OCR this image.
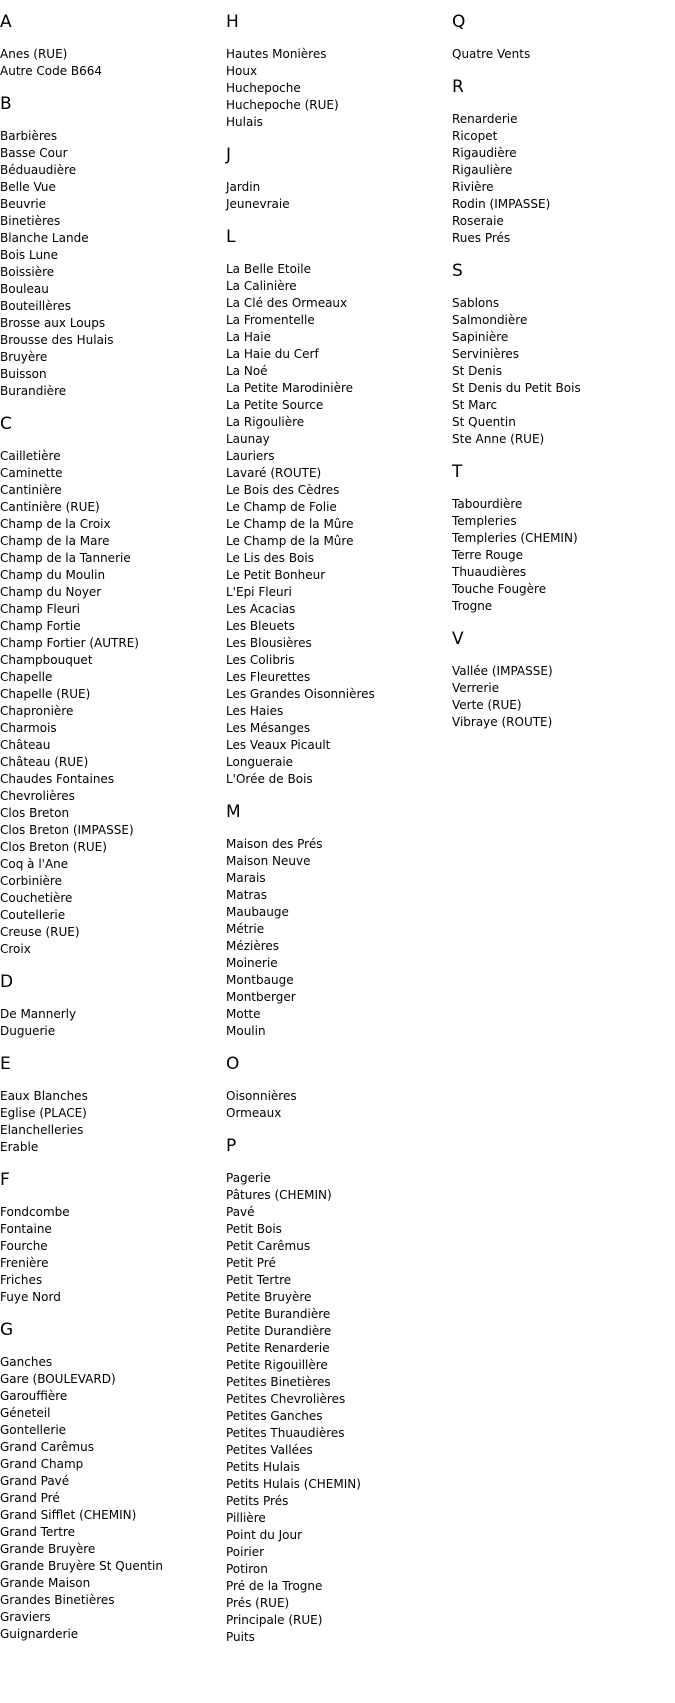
A
Anes (RUE)
Autre Code B664
B
Barbières
Basse Cour
Béduaudière
Belle Vue
Beuvrie
Binetières
Blanche Lande
Bois Lune
Boissière
Bouleau
Bouteillères
Brosse aux Loups
Brousse des Hulais
Bruyère
Buisson
Burandière
C
Cailletière
Caminette
Cantinière
Cantinière (RUE)
Champ de la Croix
Champ de la Mare
Champ de la Tannerie
Champ du Moulin
Champ du Noyer
Champ Fleuri
Champ Fortie
Champ Fortier (AUTRE)
Champbouquet
Chapelle
Chapelle (RUE)
Chapronière
Charmois
Château
Château (RUE)
Chaudes Fontaines
Chevrolières
Clos Breton
Clos Breton (IMPASSE)
Clos Breton (RUE)
Coq à l'Ane
Corbinière
Couchetière
Coutellerie
Creuse (RUE)
Croix
D
De Mannerly
Duguerie
E
Eaux Blanches
Eglise (PLACE)
Elanchelleries
Erable
F
Fondcombe
Fontaine
Fourche
Frenière
Friches
Fuye Nord
G
Ganches
Gare (BOULEVARD)
Garouffière
Géneteil
Gontellerie
Grand Carêmus
Grand Champ
Grand Pavé
Grand Pré
Grand Sifflet (CHEMIN)
Grand Tertre
Grande Bruyère
Grande Bruyère St Quentin
Grande Maison
Grandes Binetières
Graviers
Guignarderie
H
Hautes Monières
Houx
Huchepoche
Huchepoche (RUE)
Hulais
J
Jardin
Jeunevraie
L
La Belle Etoile
La Calinière
La Clé des Ormeaux
La Fromentelle
La Haie
La Haie du Cerf
La Noé
La Petite Marodinière
La Petite Source
La Rigoulière
Launay
Lauriers
Lavaré (ROUTE)
Le Bois des Cèdres
Le Champ de Folie
Le Champ de la Mûre
Le Champ de la Mûre
Le Lis des Bois
Le Petit Bonheur
L'Epi Fleuri
Les Acacias
Les Bleuets
Les Blousières
Les Colibris
Les Fleurettes
Les Grandes Oisonnières
Les Haies
Les Mésanges
Les Veaux Picault
Longueraie
L'Orée de Bois
M
Maison des Prés
Maison Neuve
Marais
Matras
Maubauge
Métrie
Mézières
Moinerie
Montbauge
Montberger
Motte
Moulin
O
Oisonnières
Ormeaux
P
Pagerie
Pâtures (CHEMIN)
Pavé
Petit Bois
Petit Carêmus
Petit Pré
Petit Tertre
Petite Bruyère
Petite Burandière
Petite Durandière
Petite Renarderie
Petite Rigouillère
Petites Binetières
Petites Chevrolières
Petites Ganches
Petites Thuaudières
Petites Vallées
Petits Hulais
Petits Hulais (CHEMIN)
Petits Prés
Pillière
Point du Jour
Poirier
Potiron
Pré de la Trogne
Prés (RUE)
Principale (RUE)
Puits
Q
Quatre Vents
R
Renarderie
Ricopet
Rigaudière
Rigaulière
Rivière
Rodin (IMPASSE)
Roseraie
Rues Prés
S
Sablons
Salmondière
Sapinière
Servinières
St Denis
St Denis du Petit Bois
St Marc
St Quentin
Ste Anne (RUE)
T
Tabourdière
Templeries
Templeries (CHEMIN)
Terre Rouge
Thuaudières
Touche Fougère
Trogne
V
Vallée (IMPASSE)
Verrerie
Verte (RUE)
Vibraye (ROUTE)
